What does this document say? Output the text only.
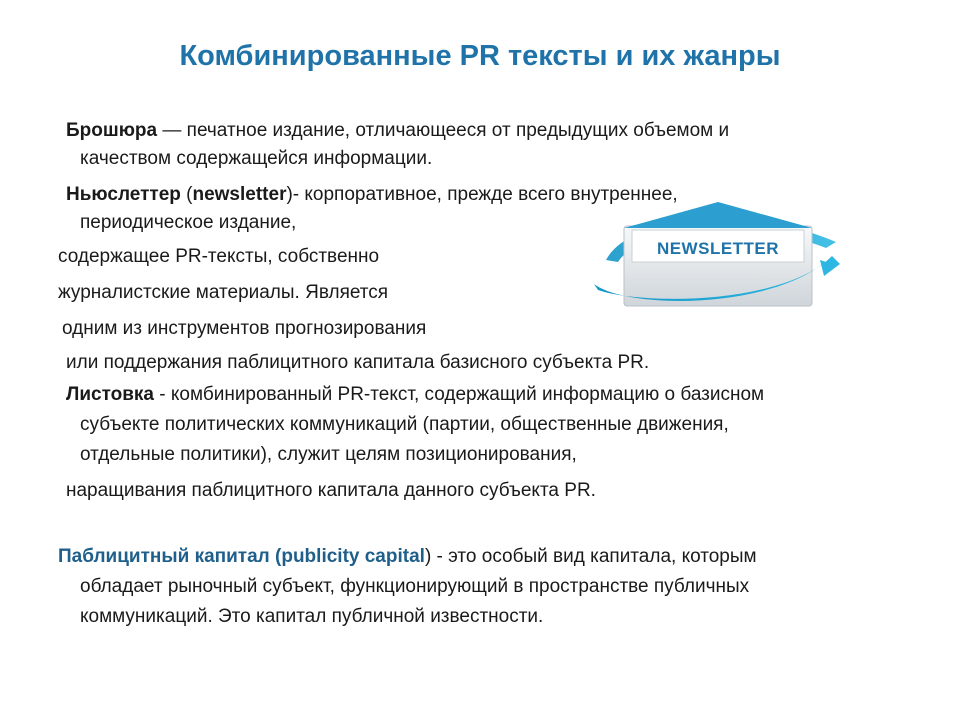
Комбинированные PR тексты и их жанры
Брошюра — печатное издание, отличающееся от предыдущих объемом и
качеством содержащейся информации.
Ньюслеттер (newsletter)- корпоративное, прежде всего внутреннее,
периодическое издание,
содержащее PR-тексты, собственно
журналистские материалы. Является
одним из инструментов прогнозирования
или поддержания паблицитного капитала базисного субъекта PR.
Листовка - комбинированный PR-текст, содержащий информацию о базисном
субъекте политических коммуникаций (партии, общественные движения,
отдельные политики), служит целям позиционирования,
наращивания паблицитного капитала данного субъекта PR.
Паблицитный капитал (publicity capital) - это особый вид капитала, которым
обладает рыночный субъект, функционирующий в пространстве публичных
коммуникаций. Это капитал публичной известности.
NEWSLETTER
